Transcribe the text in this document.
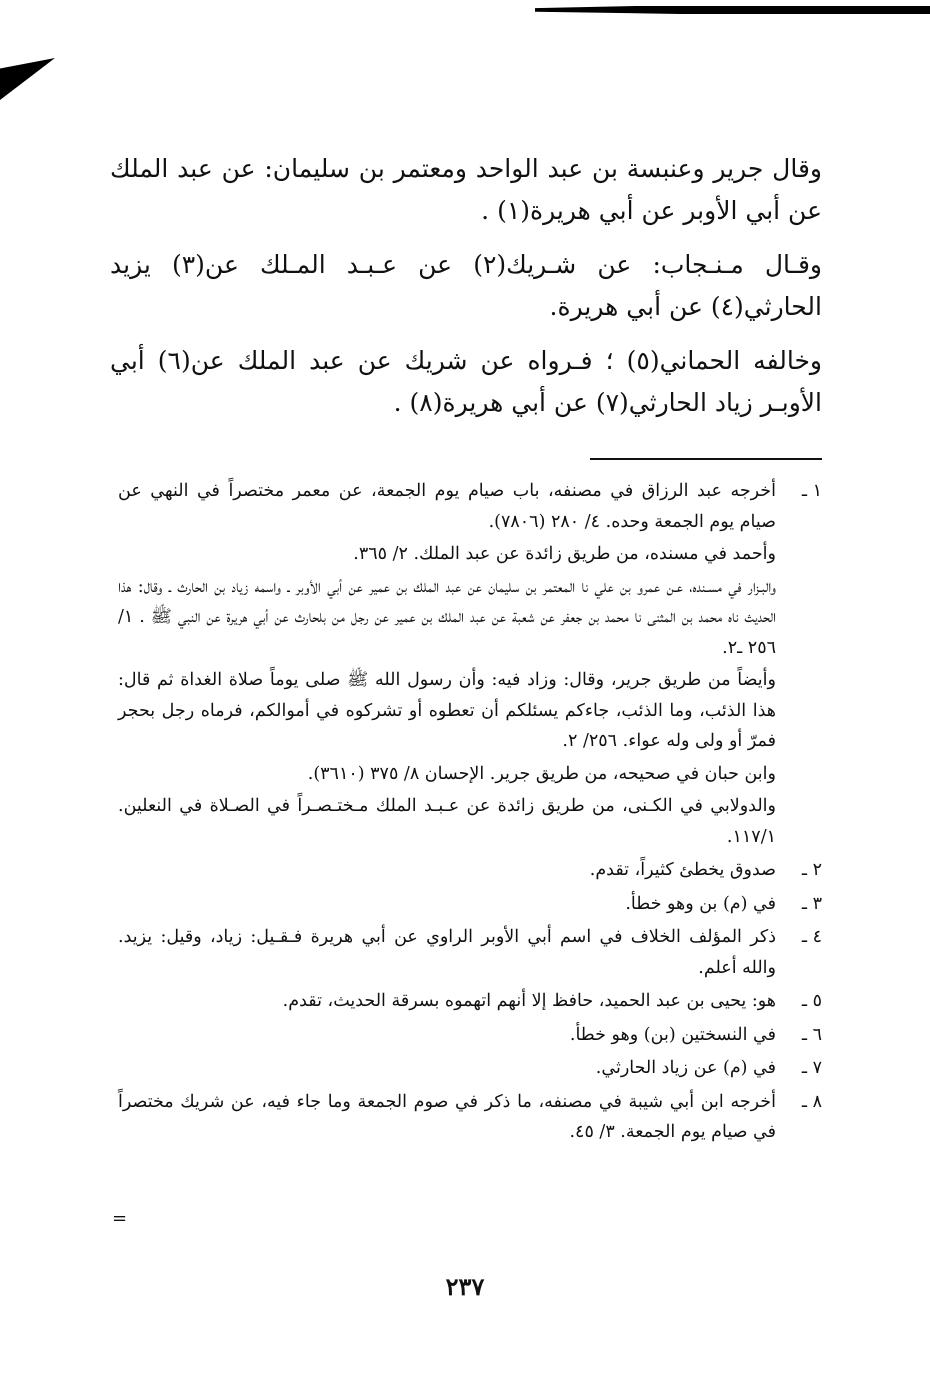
وقال جرير وعنبسة بن عبد الواحد ومعتمر بن سليمان: عن عبد الملك عن أبي الأوبر عن أبي هريرة(١) .

وقـال مـنـجاب: عن شـريك(٢) عن عـبـد المـلك عن(٣) يزيد الحارثي(٤) عن أبي هريرة.

وخالفه الحماني(٥) ؛ فـرواه عن شريك عن عبد الملك عن(٦) أبي الأوبـر زياد الحارثي(٧) عن أبي هريرة(٨) .

١ ـ

أخرجه عبد الرزاق في مصنفه، باب صيام يوم الجمعة، عن معمر مختصراً في النهي عن صيام يوم الجمعة وحده. ٤/ ٢٨٠ (٧٨٠٦).

وأحمد في مسنده، من طريق زائدة عن عبد الملك. ٢/ ٣٦٥.

والبـزار في مسـنده، عـن عمرو بن علي نا المعتمر بن سليمان عن عبد الملك بن عمير عن أبي الأوبر ـ واسمه زياد بن الحارث ـ وقال: هذا الحديث ناه محمد بن المثنى نا محمد بن جعفر عن شعبة عن عبد الملك بن عمير عن رجل من بلحارث عن أبي هريرة عن النبي ﷺ . ١/ ٢٥٦ ـ٢.

وأيضاً من طريق جرير، وقال: وزاد فيه: وأن رسول الله ﷺ صلى يوماً صلاة الغداة ثم قال: هذا الذئب، وما الذئب، جاءكم يسئلكم أن تعطوه أو تشركوه في أموالكم، فرماه رجل بحجر فمرّ أو ولى وله عواء. ٢٥٦/ ٢.

وابن حبان في صحيحه، من طريق جرير. الإحسان ٨/ ٣٧٥ (٣٦١٠).

والدولابي في الكـنى، من طريق زائدة عن عـبـد الملك مـختـصـراً في الصـلاة في النعلين. ١١٧/١.

٢ ـ

صدوق يخطئ كثيراً، تقدم.

٣ ـ

في (م) بن وهو خطأ.

٤ ـ

ذكر المؤلف الخلاف في اسم أبي الأوبر الراوي عن أبي هريرة فـقـيل: زياد، وقيل: يزيد. والله أعلم.

٥ ـ

هو: يحيى بن عبد الحميد، حافظ إلا أنهم اتهموه بسرقة الحديث، تقدم.

٦ ـ

في النسختين (بن) وهو خطأ.

٧ ـ

في (م) عن زياد الحارثي.

٨ ـ

أخرجه ابن أبي شيبة في مصنفه، ما ذكر في صوم الجمعة وما جاء فيه، عن شريك مختصراً في صيام يوم الجمعة. ٣/ ٤٥.

=
٢٣٧
